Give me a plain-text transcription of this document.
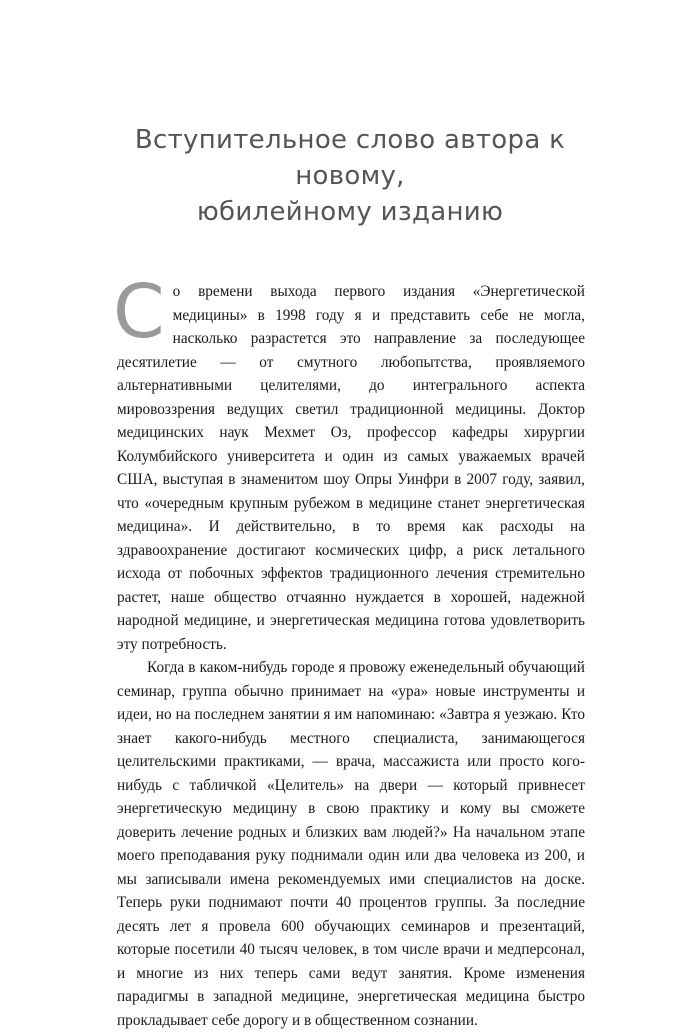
Вступительное слово автора к новому,
юбилейному изданию

Со времени выхода первого издания «Энергетической медицины» в 1998 году я и представить себе не могла, насколько разрастется это направление за последующее десятилетие — от смутного любопытства, проявляемого альтернативными целителями, до интегрального аспекта мировоззрения ведущих светил традиционной медицины. Доктор медицинских наук Мехмет Оз, профессор кафедры хирургии Колумбийского университета и один из самых уважаемых врачей США, выступая в знаменитом шоу Опры Уинфри в 2007 году, заявил, что «очередным крупным рубежом в медицине станет энергетическая медицина». И действительно, в то время как расходы на здравоохранение достигают космических цифр, а риск летального исхода от побочных эффектов традиционного лечения стремительно растет, наше общество отчаянно нуждается в хорошей, надежной народной медицине, и энергетическая медицина готова удовлетворить эту потребность.

Когда в каком-нибудь городе я провожу еженедельный обучающий семинар, группа обычно принимает на «ура» новые инструменты и идеи, но на последнем занятии я им напоминаю: «Завтра я уезжаю. Кто знает какого-нибудь местного специалиста, занимающегося целительскими практиками, — врача, массажиста или просто кого-нибудь с табличкой «Целитель» на двери — который привнесет энергетическую медицину в свою практику и кому вы сможете доверить лечение родных и близких вам людей?» На начальном этапе моего преподавания руку поднимали один или два человека из 200, и мы записывали имена рекомендуемых ими специалистов на доске. Теперь руки поднимают почти 40 процентов группы. За последние десять лет я провела 600 обучающих семинаров и презентаций, которые посетили 40 тысяч человек, в том числе врачи и медперсонал, и многие из них теперь сами ведут занятия. Кроме изменения парадигмы в западной медицине, энергетическая медицина быстро прокладывает себе дорогу и в общественном сознании.
